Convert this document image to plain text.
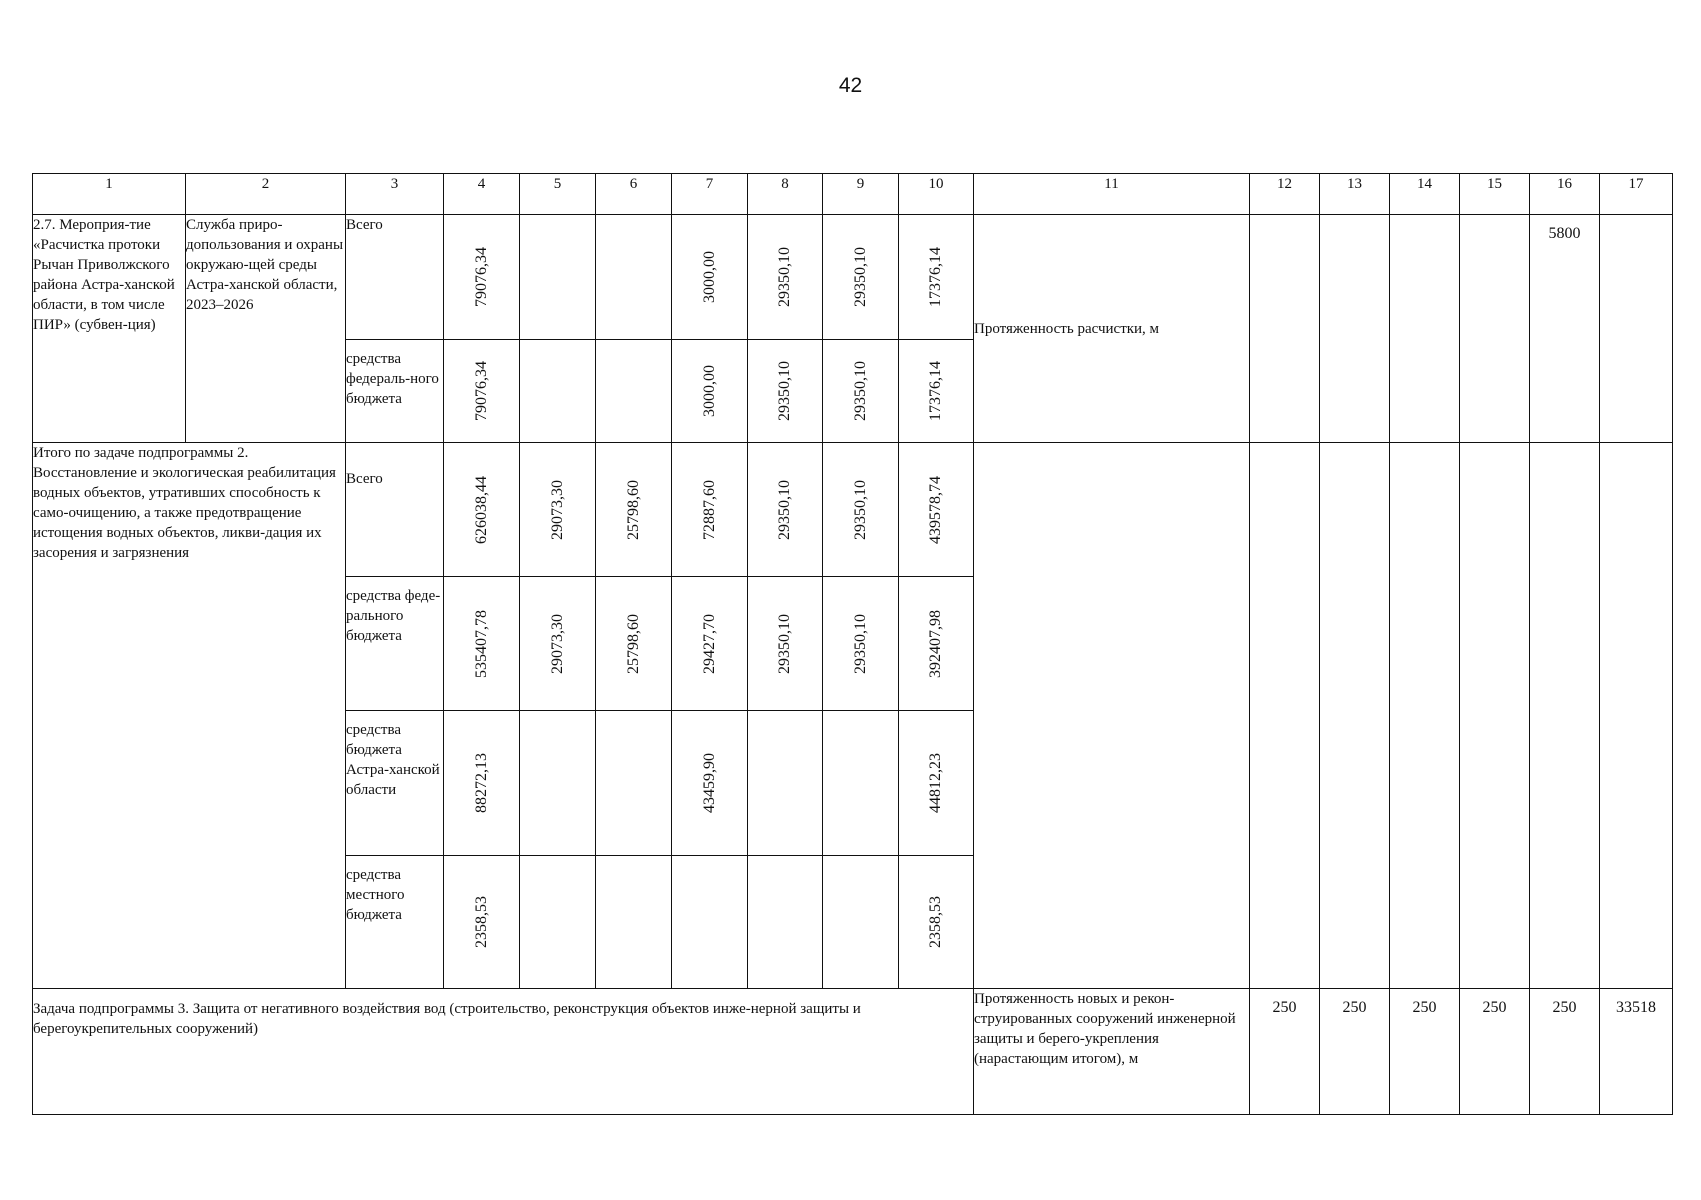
42
1	2	3	4	5	6	7	8	9	10	11	12	13	14	15	16	17
2.7. Мероприя-тие «Расчистка протоки Рычан Приволжского района Астра-ханской области, в том числе ПИР» (субвен-ция)	Служба приро-допользования и охраны окружаю-щей среды Астра-ханской области, 2023–2026	Всего	79076,34			3000,00	29350,10	29350,10	17376,14	Протяженность расчистки, м					5800	
		средства федераль-ного бюджета	79076,34			3000,00	29350,10	29350,10	17376,14							

Итого по задаче подпрограммы 2. Восстановление и экологическая реабилитация водных объектов, утративших способность к само-очищению, а также предотвращение истощения водных объектов, ликви-дация их засорения и загрязнения		Всего	626038,44	29073,30	25798,60	72887,60	29350,10	29350,10	439578,74							

		средства феде-рального бюджета	535407,78	29073,30	25798,60	29427,70	29350,10	29350,10	392407,98							

		средства бюджета Астра-ханской области	88272,13			43459,90			44812,23							

		средства местного бюджета	2358,53						2358,53							

Задача подпрограммы 3. Защита от негативного воздействия вод (строительство, реконструкция объектов инже-нерной защиты и берегоукрепительных сооружений)										Протяженность новых и рекон-струированных сооружений инженерной защиты и берего-укрепления (нарастающим итогом), м	250	250	250	250	250	33518
